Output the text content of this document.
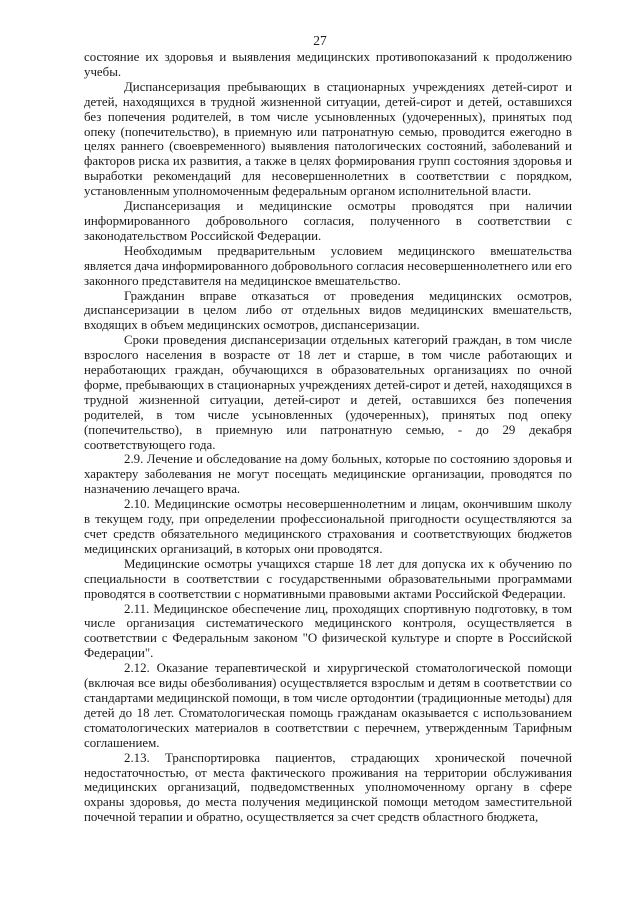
27

состояние их здоровья и выявления медицинских противопоказаний к продолжению учебы.

Диспансеризация пребывающих в стационарных учреждениях детей-сирот и детей, находящихся в трудной жизненной ситуации, детей-сирот и детей, оставшихся без попечения родителей, в том числе усыновленных (удочеренных), принятых под опеку (попечительство), в приемную или патронатную семью, проводится ежегодно в целях раннего (своевременного) выявления патологических состояний, заболеваний и факторов риска их развития, а также в целях формирования групп состояния здоровья и выработки рекомендаций для несовершеннолетних в соответствии с порядком, установленным уполномоченным федеральным органом исполнительной власти.

Диспансеризация и медицинские осмотры проводятся при наличии информированного добровольного согласия, полученного в соответствии с законодательством Российской Федерации.

Необходимым предварительным условием медицинского вмешательства является дача информированного добровольного согласия несовершеннолетнего или его законного представителя на медицинское вмешательство.

Гражданин вправе отказаться от проведения медицинских осмотров, диспансеризации в целом либо от отдельных видов медицинских вмешательств, входящих в объем медицинских осмотров, диспансеризации.

Сроки проведения диспансеризации отдельных категорий граждан, в том числе взрослого населения в возрасте от 18 лет и старше, в том числе работающих и неработающих граждан, обучающихся в образовательных организациях по очной форме, пребывающих в стационарных учреждениях детей-сирот и детей, находящихся в трудной жизненной ситуации, детей-сирот и детей, оставшихся без попечения родителей, в том числе усыновленных (удочеренных), принятых под опеку (попечительство), в приемную или патронатную семью, - до 29 декабря соответствующего года.

2.9. Лечение и обследование на дому больных, которые по состоянию здоровья и характеру заболевания не могут посещать медицинские организации, проводятся по назначению лечащего врача.

2.10. Медицинские осмотры несовершеннолетним и лицам, окончившим школу в текущем году, при определении профессиональной пригодности осуществляются за счет средств обязательного медицинского страхования и соответствующих бюджетов медицинских организаций, в которых они проводятся.

Медицинские осмотры учащихся старше 18 лет для допуска их к обучению по специальности в соответствии с государственными образовательными программами проводятся в соответствии с нормативными правовыми актами Российской Федерации.

2.11. Медицинское обеспечение лиц, проходящих спортивную подготовку, в том числе организация систематического медицинского контроля, осуществляется в соответствии с Федеральным законом "О физической культуре и спорте в Российской Федерации".

2.12. Оказание терапевтической и хирургической стоматологической помощи (включая все виды обезболивания) осуществляется взрослым и детям в соответствии со стандартами медицинской помощи, в том числе ортодонтии (традиционные методы) для детей до 18 лет. Стоматологическая помощь гражданам оказывается с использованием стоматологических материалов в соответствии с перечнем, утвержденным Тарифным соглашением.

2.13. Транспортировка пациентов, страдающих хронической почечной недостаточностью, от места фактического проживания на территории обслуживания медицинских организаций, подведомственных уполномоченному органу в сфере охраны здоровья, до места получения медицинской помощи методом заместительной почечной терапии и обратно, осуществляется за счет средств областного бюджета,
